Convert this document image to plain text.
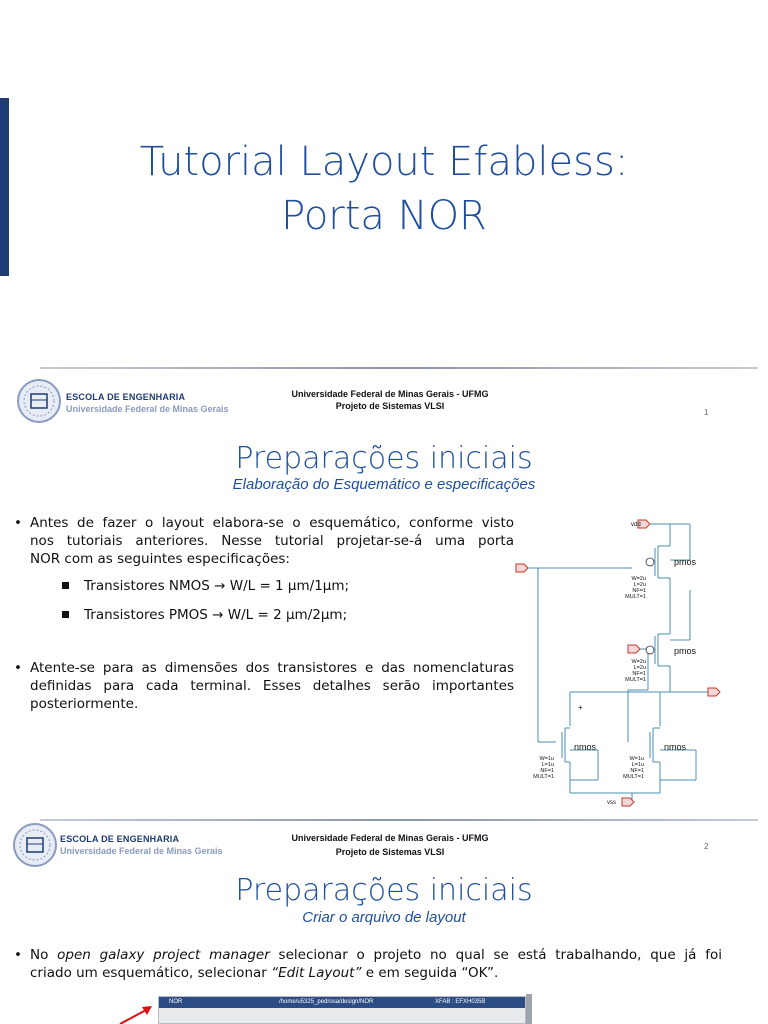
Tutorial Layout Efabless:
Porta NOR
ESCOLA DE ENGENHARIA
Universidade Federal de Minas Gerais
Universidade Federal de Minas Gerais - UFMG
Projeto de Sistemas VLSI
1
Preparações iniciais
Elaboração do Esquemático e especificações
• Antes de fazer o layout elabora-se o esquemático, conforme visto
nos tutoriais anteriores. Nesse tutorial projetar-se-á uma porta
NOR com as seguintes especificações:
Transistores NMOS → W/L = 1 μm/1μm;
Transistores PMOS → W/L = 2 μm/2μm;
• Atente-se para as dimensões dos transistores e das nomenclaturas
definidas para cada terminal. Esses detalhes serão importantes
posteriormente.
vdd
vss
pmos
pmos
nmos	nmos
+
W=2u
L=2u
NF=1
MULT=1
W=2u
L=2u
NF=1
MULT=1
W=1u
L=1u
NF=1
MULT=1
W=1u
L=1u
NF=1
MULT=1
ESCOLA DE ENGENHARIA
Universidade Federal de Minas Gerais
Universidade Federal de Minas Gerais - UFMG
Projeto de Sistemas VLSI
2
Preparações iniciais
Criar o arquivo de layout
• No open galaxy project manager selecionar o projeto no qual se está trabalhando, que já foi
criado um esquemático, selecionar “Edit Layout” e em seguida “OK”.
NOR	/home/u5325_pedrosa/design/NOR	XFAB : EFXH035B
